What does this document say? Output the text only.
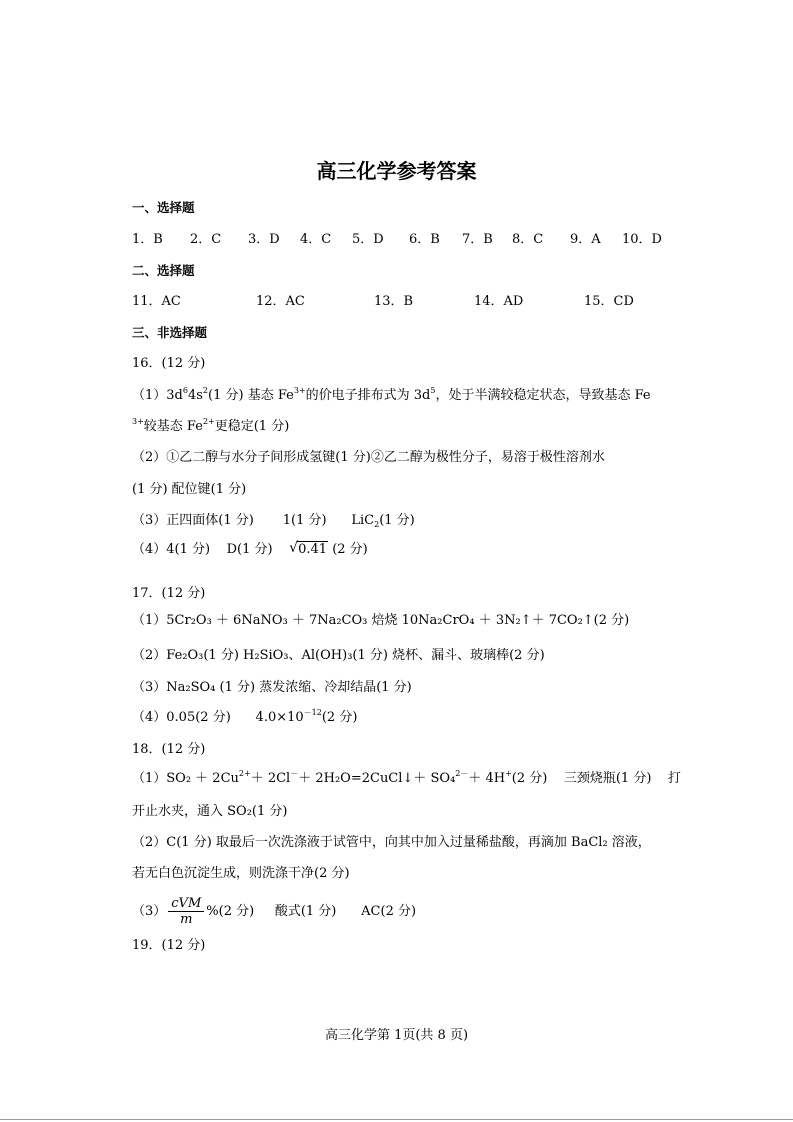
高三化学参考答案
一、选择题
1．B 2．C 3．D 4．C 5．D 6．B 7．B 8．C 9．A 10．D
二、选择题
11．AC	12．AC	13．B	14．AD	15．CD
三、非选择题
16．(12 分)
$(1)3d^64s^2(1$ 分) 基态 $Fe^{3+}$的价电子排布式为 $3d^5$，处于半满较稳定状态，导致基态 Fe
$^{3+}$较基态 $Fe^{2+}$更稳定(1 分)
（2）①乙二醇与水分子间形成氢键(1 分)②乙二醇为极性分子，易溶于极性溶剂水
(1 分) 配位键(1 分)
（3）正四面体(1 分)       1(1 分)      LiC$_2$(1 分)
（4）4(1 分)    D(1 分) √ 0.41 (2 分)
17．(12 分)
（1）5Cr₂O₃ ＋ 6NaNO₃ ＋ 7Na₂CO₃ 焙烧 10Na₂CrO₄ ＋ 3N₂↑＋ 7CO₂↑(2 分)
（2）Fe₂O₃(1 分) H₂SiO₃、Al(OH)₃(1 分) 烧杯、漏斗、玻璃棒(2 分)
（3）Na₂SO₄ (1 分) 蒸发浓缩、冷却结晶(1 分)
（4）0.05(2 分)      $4.0\times 10^{-12}(2$ 分)
18．(12 分)
$(1)SO_2 + 2Cu^{2+}+ 2Cl^-+$ 2H₂O=2CuCl↓＋ SO₄$^{2-}$＋ 4H+(2 分)    三颈烧瓶(1 分)    打
开止水夹，通入 SO₂(1 分)
（2）C(1 分) 取最后一次洗涤液于试管中，向其中加入过量稀盐酸，再滴加 BaCl₂ 溶液，
若无白色沉淀生成，则洗涤干净(2 分)
$(3) \frac{\text{cVM}}{m} \%(2$ 分)     酸式(1 分)      AC(2 分)
19．(12 分)
高三化学第 1页(共 8 页)
